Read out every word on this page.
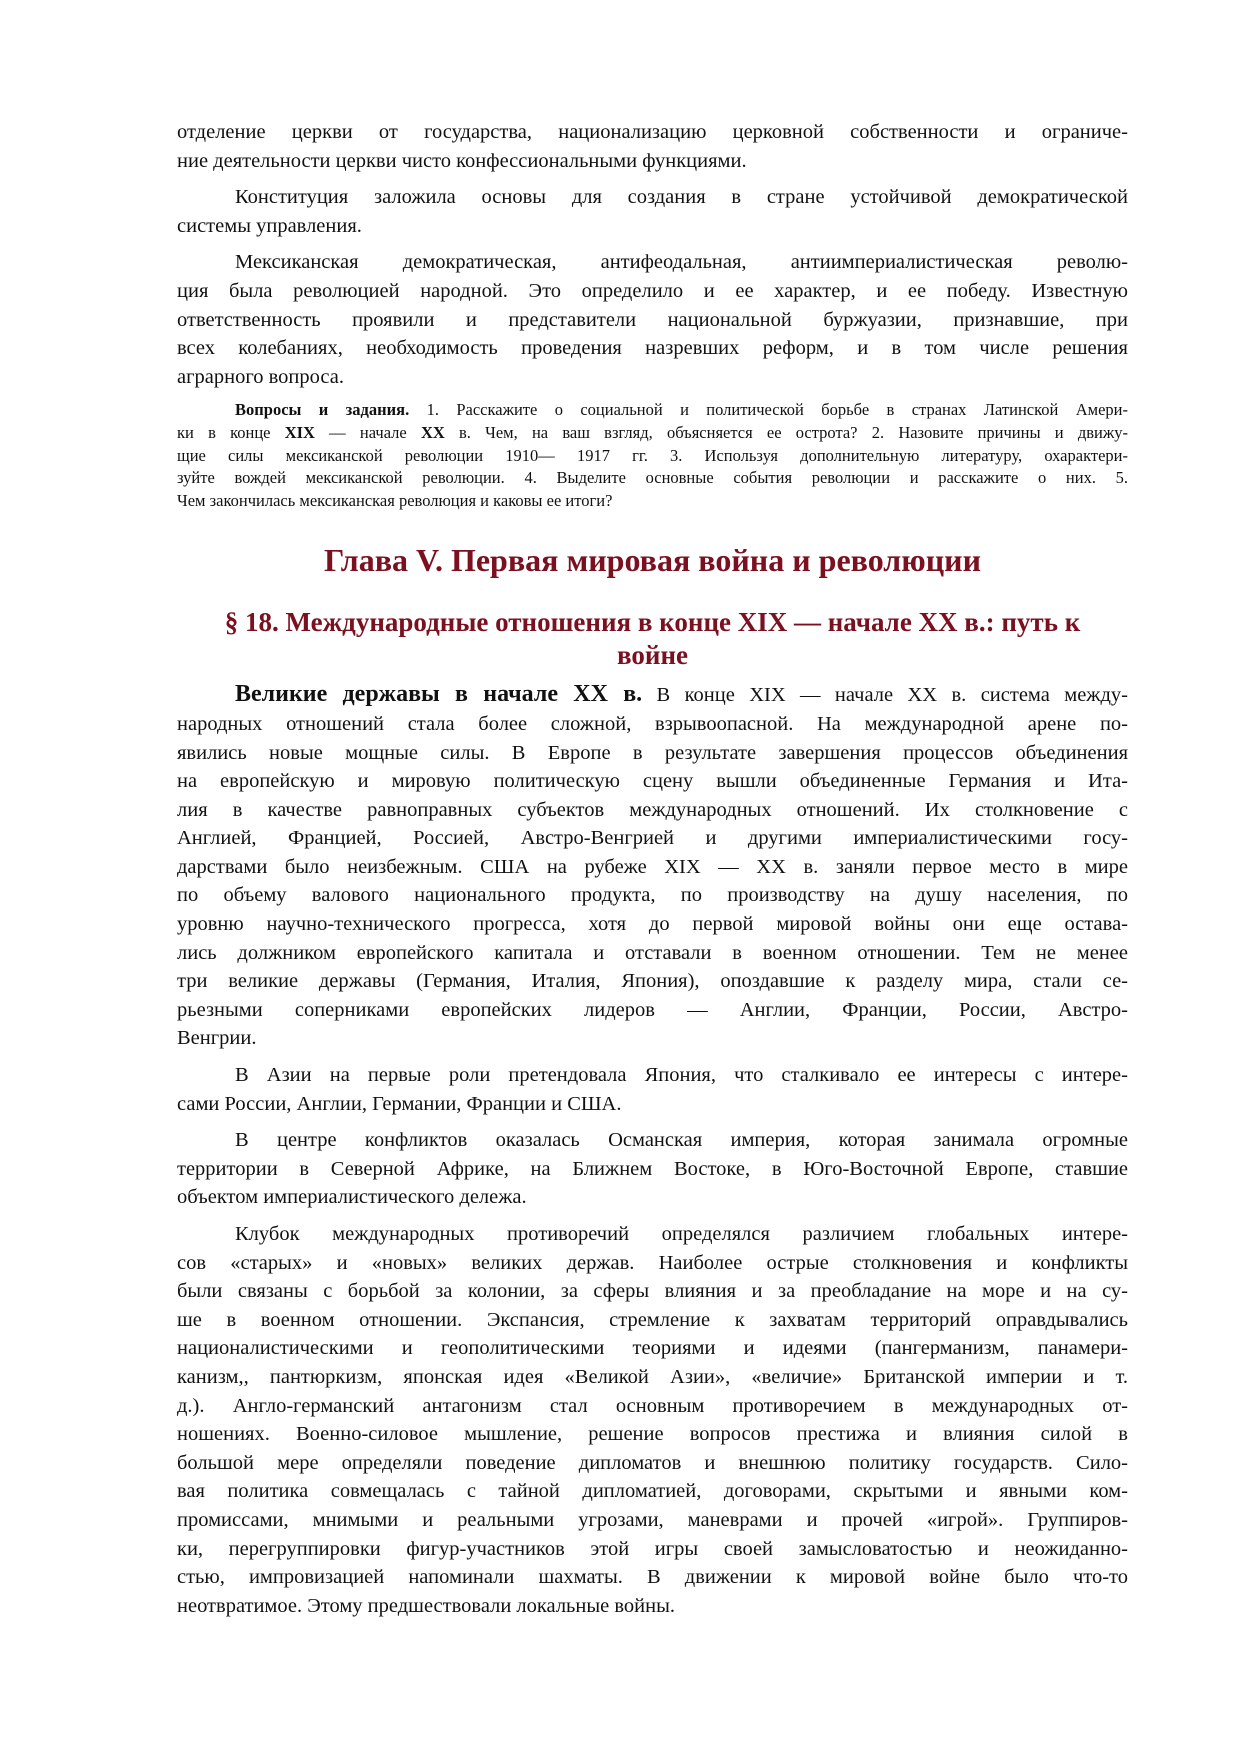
отделение церкви от государства, национализацию церковной собственности и ограниче-
ние деятельности церкви чисто конфессиональными функциями.
Конституция заложила основы для создания в стране устойчивой демократической
системы управления.
Мексиканская демократическая, антифеодальная, антиимпериалистическая револю-
ция была революцией народной. Это определило и ее характер, и ее победу. Известную
ответственность проявили и представители национальной буржуазии, признавшие, при
всех колебаниях, необходимость проведения назревших реформ, и в том числе решения
аграрного вопроса.
Вопросы и задания. 1. Расскажите о социальной и политической борьбе в странах Латинской Амери-
ки в конце XIX — начале XX в. Чем, на ваш взгляд, объясняется ее острота? 2. Назовите причины и движу-
щие силы мексиканской революции 1910— 1917 гг. 3. Используя дополнительную литературу, охарактери-
зуйте вождей мексиканской революции. 4. Выделите основные события революции и расскажите о них. 5.
Чем закончилась мексиканская революция и каковы ее итоги?
Глава V. Первая мировая война и революции
§ 18. Международные отношения в конце XIX — начале XX в.: путь к
войне
Великие державы в начале XX в. В конце XIX — начале XX в. система между-
народных отношений стала более сложной, взрывоопасной. На международной арене по-
явились новые мощные силы. В Европе в результате завершения процессов объединения
на европейскую и мировую политическую сцену вышли объединенные Германия и Ита-
лия в качестве равноправных субъектов международных отношений. Их столкновение с
Англией, Францией, Россией, Австро-Венгрией и другими империалистическими госу-
дарствами было неизбежным. США на рубеже XIX — XX в. заняли первое место в мире
по объему валового национального продукта, по производству на душу населения, по
уровню научно-технического прогресса, хотя до первой мировой войны они еще остава-
лись должником европейского капитала и отставали в военном отношении. Тем не менее
три великие державы (Германия, Италия, Япония), опоздавшие к разделу мира, стали се-
рьезными соперниками европейских лидеров — Англии, Франции, России, Австро-
Венгрии.
В Азии на первые роли претендовала Япония, что сталкивало ее интересы с интере-
сами России, Англии, Германии, Франции и США.
В центре конфликтов оказалась Османская империя, которая занимала огромные
территории в Северной Африке, на Ближнем Востоке, в Юго-Восточной Европе, ставшие
объектом империалистического дележа.
Клубок международных противоречий определялся различием глобальных интере-
сов «старых» и «новых» великих держав. Наиболее острые столкновения и конфликты
были связаны с борьбой за колонии, за сферы влияния и за преобладание на море и на су-
ше в военном отношении. Экспансия, стремление к захватам территорий оправдывались
националистическими и геополитическими теориями и идеями (пангерманизм, панамери-
канизм,, пантюркизм, японская идея «Великой Азии», «величие» Британской империи и т.
д.). Англо-германский антагонизм стал основным противоречием в международных от-
ношениях. Военно-силовое мышление, решение вопросов престижа и влияния силой в
большой мере определяли поведение дипломатов и внешнюю политику государств. Сило-
вая политика совмещалась с тайной дипломатией, договорами, скрытыми и явными ком-
промиссами, мнимыми и реальными угрозами, маневрами и прочей «игрой». Группиров-
ки, перегруппировки фигур-участников этой игры своей замысловатостью и неожиданно-
стью, импровизацией напоминали шахматы. В движении к мировой войне было что-то
неотвратимое. Этому предшествовали локальные войны.
